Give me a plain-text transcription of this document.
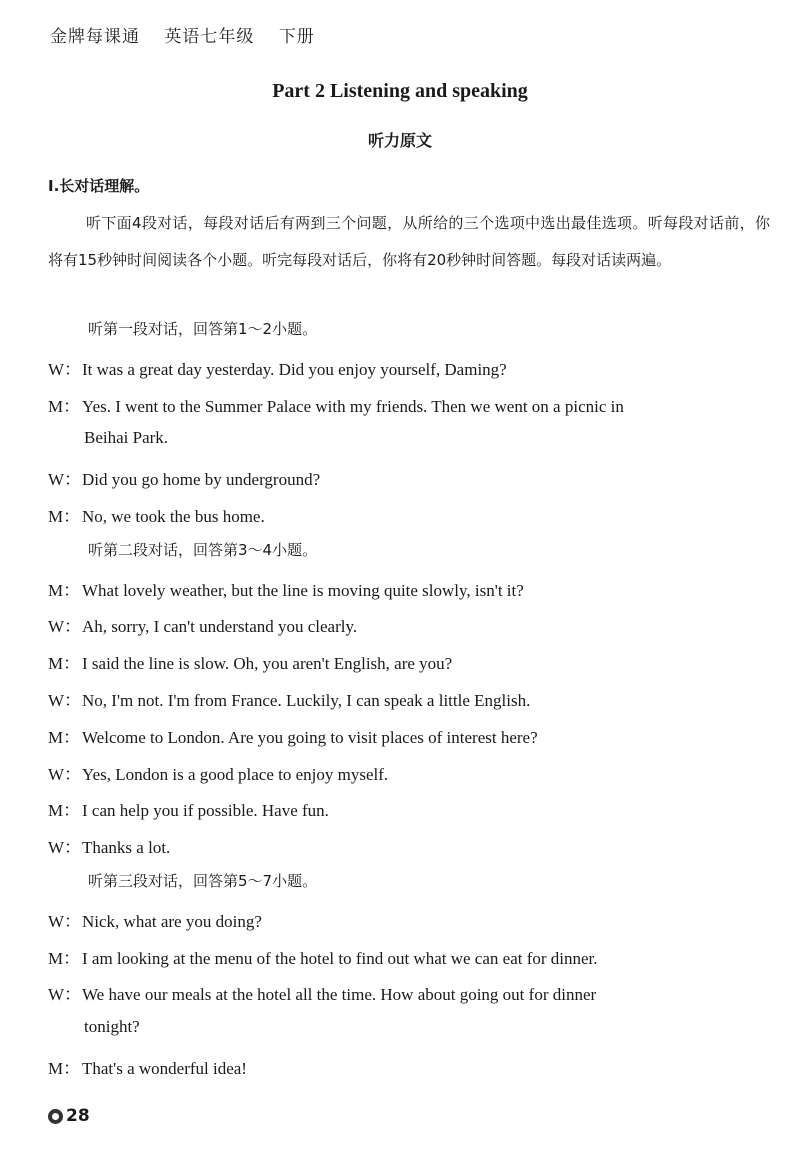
金牌每课通 英语七年级 下册
Part 2 Listening and speaking
听力原文
Ⅰ.长对话理解。
听下面4段对话，每段对话后有两到三个问题，从所给的三个选项中选出最佳选项。听每段对话前，你将有15秒钟时间阅读各个小题。听完每段对话后，你将有20秒钟时间答题。每段对话读两遍。
听第一段对话，回答第1～2小题。
W：It was a great day yesterday. Did you enjoy yourself, Daming?
M： Yes. I went to the Summer Palace with my friends. Then we went on a picnic in
Beihai Park.
W：Did you go home by underground?
M： No, we took the bus home.
听第二段对话，回答第3～4小题。
M： What lovely weather, but the line is moving quite slowly, isn't it?
W：Ah, sorry, I can't understand you clearly.
M： I said the line is slow. Oh, you aren't English, are you?
W：No, I'm not. I'm from France. Luckily, I can speak a little English.
M： Welcome to London. Are you going to visit places of interest here?
W：Yes, London is a good place to enjoy myself.
M： I can help you if possible. Have fun.
W：Thanks a lot.
听第三段对话，回答第5～7小题。
W：Nick, what are you doing?
M： I am looking at the menu of the hotel to find out what we can eat for dinner.
W：We have our meals at the hotel all the time. How about going out for dinner
tonight?
M： That's a wonderful idea!
28
